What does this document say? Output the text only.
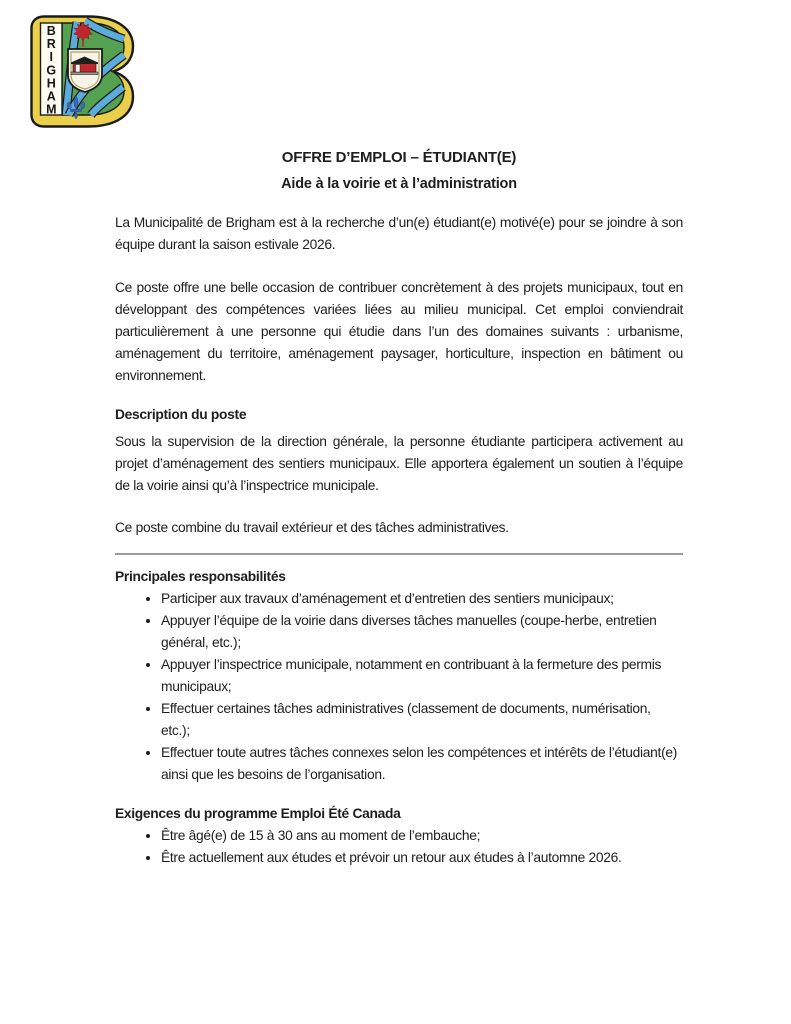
B
R
I
G
H
A
M
OFFRE D’EMPLOI – ÉTUDIANT(E)
Aide à la voirie et à l’administration

La Municipalité de Brigham est à la recherche d’un(e) étudiant(e) motivé(e) pour se joindre à son équipe durant la saison estivale 2026.

Ce poste offre une belle occasion de contribuer concrètement à des projets municipaux, tout en développant des compétences variées liées au milieu municipal. Cet emploi conviendrait particulièrement à une personne qui étudie dans l’un des domaines suivants : urbanisme, aménagement du territoire, aménagement paysager, horticulture, inspection en bâtiment ou environnement.

Description du poste

Sous la supervision de la direction générale, la personne étudiante participera activement au projet d’aménagement des sentiers municipaux. Elle apportera également un soutien à l’équipe de la voirie ainsi qu’à l’inspectrice municipale.

Ce poste combine du travail extérieur et des tâches administratives.

Principales responsabilités
• Participer aux travaux d’aménagement et d’entretien des sentiers municipaux;
• Appuyer l’équipe de la voirie dans diverses tâches manuelles (coupe-herbe, entretien général, etc.);
• Appuyer l’inspectrice municipale, notamment en contribuant à la fermeture des permis municipaux;
• Effectuer certaines tâches administratives (classement de documents, numérisation, etc.);
• Effectuer toute autres tâches connexes selon les compétences et intérêts de l’étudiant(e) ainsi que les besoins de l’organisation.
Exigences du programme Emploi Été Canada
• Être âgé(e) de 15 à 30 ans au moment de l’embauche;
• Être actuellement aux études et prévoir un retour aux études à l’automne 2026.
